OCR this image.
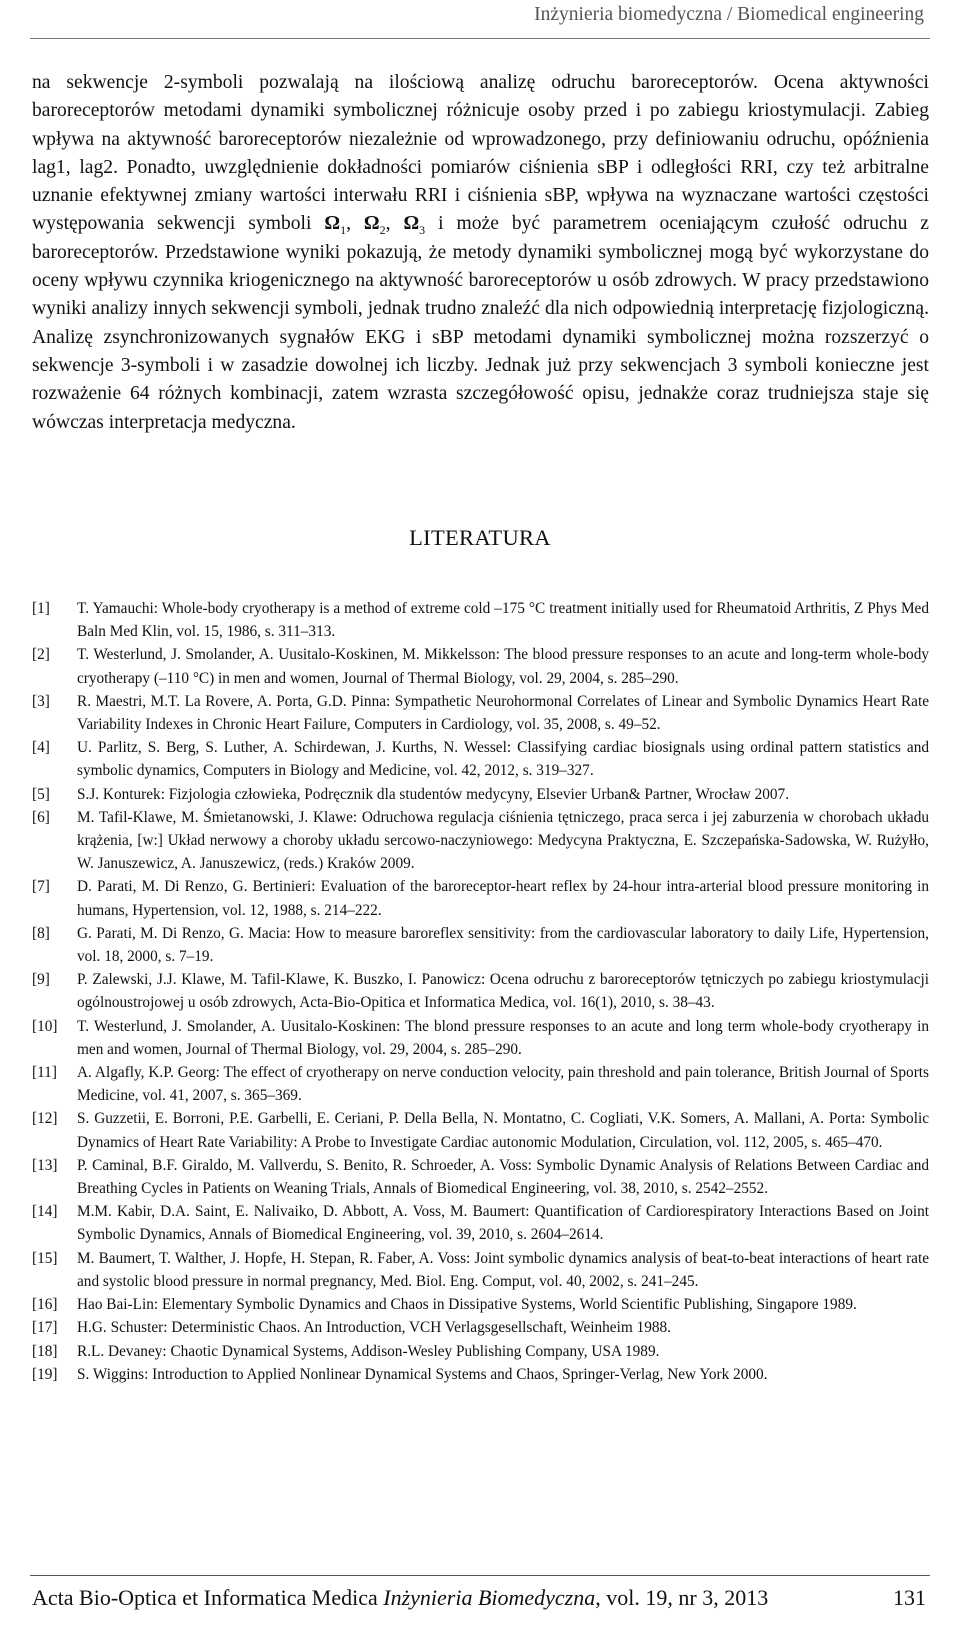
Inżynieria biomedyczna / Biomedical engineering

na sekwencje 2-symboli pozwalają na ilościową analizę odruchu baroreceptorów. Ocena aktywności baroreceptorów metodami dynamiki symbolicznej różnicuje osoby przed i po zabiegu kriostymulacji. Zabieg wpływa na aktywność baroreceptorów niezależnie od wprowadzonego, przy definiowaniu odruchu, opóźnienia lag1, lag2. Ponadto, uwzględnienie dokładności pomiarów ciśnienia sBP i odległości RRI, czy też arbitralne uznanie efektywnej zmiany wartości interwału RRI i ciśnienia sBP, wpływa na wyznaczane wartości częstości występowania sekwencji symboli $\Omega_1$, $\Omega_2$, $\Omega_3$ i może być parametrem oceniającym czułość odruchu z baroreceptorów. Przedstawione wyniki pokazują, że metody dynamiki symbolicznej mogą być wykorzystane do oceny wpływu czynnika kriogenicznego na aktywność baroreceptorów u osób zdrowych. W pracy przedstawiono wyniki analizy innych sekwencji symboli, jednak trudno znaleźć dla nich odpowiednią interpretację fizjologiczną. Analizę zsynchronizowanych sygnałów EKG i sBP metodami dynamiki symbolicznej można rozszerzyć o sekwencje 3-symboli i w zasadzie dowolnej ich liczby. Jednak już przy sekwencjach 3 symboli konieczne jest rozważenie 64 różnych kombinacji, zatem wzrasta szczegółowość opisu, jednakże coraz trudniejsza staje się wówczas interpretacja medyczna.

LITERATURA
[1]	T. Yamauchi: Whole-body cryotherapy is a method of extreme cold –175 °C treatment initially used for Rheumatoid Arthritis, Z Phys Med Baln Med Klin, vol. 15, 1986, s. 311–313.
[2]	T. Westerlund, J. Smolander, A. Uusitalo-Koskinen, M. Mikkelsson: The blood pressure responses to an acute and long-term whole-body cryotherapy (–110 °C) in men and women, Journal of Thermal Biology, vol. 29, 2004, s. 285–290.
[3]	R. Maestri, M.T. La Rovere, A. Porta, G.D. Pinna: Sympathetic Neurohormonal Correlates of Linear and Symbolic Dynamics Heart Rate Variability Indexes in Chronic Heart Failure, Computers in Cardiology, vol. 35, 2008, s. 49–52.
[4]	U. Parlitz, S. Berg, S. Luther, A. Schirdewan, J. Kurths, N. Wessel: Classifying cardiac biosignals using ordinal pattern statistics and symbolic dynamics, Computers in Biology and Medicine, vol. 42, 2012, s. 319–327.
[5]	S.J. Konturek: Fizjologia człowieka, Podręcznik dla studentów medycyny, Elsevier Urban& Partner, Wrocław 2007.
[6]	M. Tafil-Klawe, M. Śmietanowski, J. Klawe: Odruchowa regulacja ciśnienia tętniczego, praca serca i jej zaburzenia w chorobach układu krążenia, [w:] Układ nerwowy a choroby układu sercowo-naczyniowego: Medycyna Praktyczna, E. Szczepańska-Sadowska, W. Rużyłło, W. Januszewicz, A. Januszewicz, (reds.) Kraków 2009.
[7]	D. Parati, M. Di Renzo, G. Bertinieri: Evaluation of the baroreceptor-heart reflex by 24-hour intra-arterial blood pressure monitoring in humans, Hypertension, vol. 12, 1988, s. 214–222.
[8]	G. Parati, M. Di Renzo, G. Macia: How to measure baroreflex sensitivity: from the cardiovascular laboratory to daily Life, Hypertension, vol. 18, 2000, s. 7–19.
[9]	P. Zalewski, J.J. Klawe, M. Tafil-Klawe, K. Buszko, I. Panowicz: Ocena odruchu z baroreceptorów tętniczych po zabiegu kriostymulacji ogólnoustrojowej u osób zdrowych, Acta-Bio-Opitica et Informatica Medica, vol. 16(1), 2010, s. 38–43.
[10]	T. Westerlund, J. Smolander, A. Uusitalo-Koskinen: The blond pressure responses to an acute and long term whole-body cryotherapy in men and women, Journal of Thermal Biology, vol. 29, 2004, s. 285–290.
[11]	A. Algafly, K.P. Georg: The effect of cryotherapy on nerve conduction velocity, pain threshold and pain tolerance, British Journal of Sports Medicine, vol. 41, 2007, s. 365–369.
[12]	S. Guzzetii, E. Borroni, P.E. Garbelli, E. Ceriani, P. Della Bella, N. Montatno, C. Cogliati, V.K. Somers, A. Mallani, A. Porta: Symbolic Dynamics of Heart Rate Variability: A Probe to Investigate Cardiac autonomic Modulation, Circulation, vol. 112, 2005, s. 465–470.
[13]	P. Caminal, B.F. Giraldo, M. Vallverdu, S. Benito, R. Schroeder, A. Voss: Symbolic Dynamic Analysis of Relations Between Cardiac and Breathing Cycles in Patients on Weaning Trials, Annals of Biomedical Engineering, vol. 38, 2010, s. 2542–2552.
[14]	M.M. Kabir, D.A. Saint, E. Nalivaiko, D. Abbott, A. Voss, M. Baumert: Quantification of Cardiorespiratory Interactions Based on Joint Symbolic Dynamics, Annals of Biomedical Engineering, vol. 39, 2010, s. 2604–2614.
[15]	M. Baumert, T. Walther, J. Hopfe, H. Stepan, R. Faber, A. Voss: Joint symbolic dynamics analysis of beat-to-beat interactions of heart rate and systolic blood pressure in normal pregnancy, Med. Biol. Eng. Comput, vol. 40, 2002, s. 241–245.
[16]	Hao Bai-Lin: Elementary Symbolic Dynamics and Chaos in Dissipative Systems, World Scientific Publishing, Singapore 1989.
[17]	H.G. Schuster: Deterministic Chaos. An Introduction, VCH Verlagsgesellschaft, Weinheim 1988.
[18]	R.L. Devaney: Chaotic Dynamical Systems, Addison-Wesley Publishing Company, USA 1989.
[19]	S. Wiggins: Introduction to Applied Nonlinear Dynamical Systems and Chaos, Springer-Verlag, New York 2000.
Acta Bio-Optica et Informatica Medica Inżynieria Biomedyczna, vol. 19, nr 3, 2013	131
